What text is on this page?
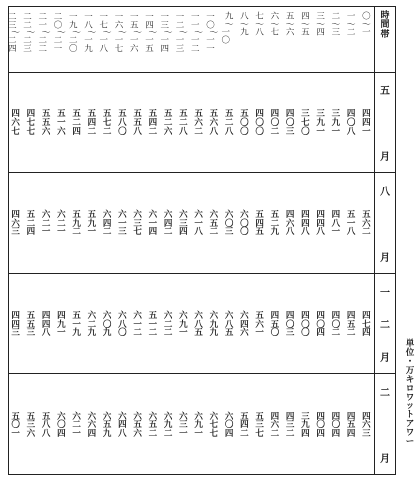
時
間
帯
〇
〜
一
一
〜
二
二
〜
三
三
〜
四
四
〜
五
五
〜
六
六
〜
七
七
〜
八
八
〜
九
九
〜
一〇
一〇
〜
一一
一一
〜
一二
一二
〜
一三
一三
〜
一四
一四
〜
一五
一五
〜
一六
一六
〜
一七
一七
〜
一八
一八
〜
一九
一九
〜
二〇
二〇
〜
二一
二一
〜
二二
二二
〜
二三
二三
〜
二四
五
月
四
四
一
四
〇
八
三
九
一
三
九
一
三
七
〇
四
〇
三
四
〇
二
四
〇
〇
五
〇
〇
五
二
八
五
六
八
五
六
二
五
二
八
五
二
六
五
四
二
五
五
八
五
八
〇
五
七
二
五
四
二
五
二
四
五
一
六
五
五
六
四
七
七
四
六
七
八
月
五
六
二
五
一
八
四
八
一
四
四
八
四
四
八
四
六
八
五
二
九
五
四
五
六
〇
〇
六
〇
三
六
五
二
六
一
八
六
三
四
六
四
二
六
一
四
六
三
七
六
一
三
六
四
二
五
九
一
五
九
二
六
二
一
六
二
一
五
二
四
四
六
三
一
二
月
四
七
四
四
五
二
四
〇
二
四
〇
四
四
〇
〇
四
〇
三
四
五
〇
五
六
一
六
四
六
六
八
五
六
九
九
六
八
五
六
九
一
六
二
二
五
一
二
六
一
二
六
八
〇
六
〇
九
六
二
九
五
一
九
四
九
一
四
四
八
五
五
三
四
四
三
二
月
四
六
三
四
五
四
四
〇
四
四
〇
四
三
九
四
四
三
二
四
六
二
五
三
七
五
四
二
六
〇
四
六
七
七
六
九
一
六
三
一
六
九
二
六
五
二
六
五
六
六
四
八
六
五
九
六
六
四
六
二
一
六
〇
四
五
八
八
五
三
六
五
〇
一
単
位
・
万
キ
ロ
ワ
ッ
ト
ア
ワ
ー
